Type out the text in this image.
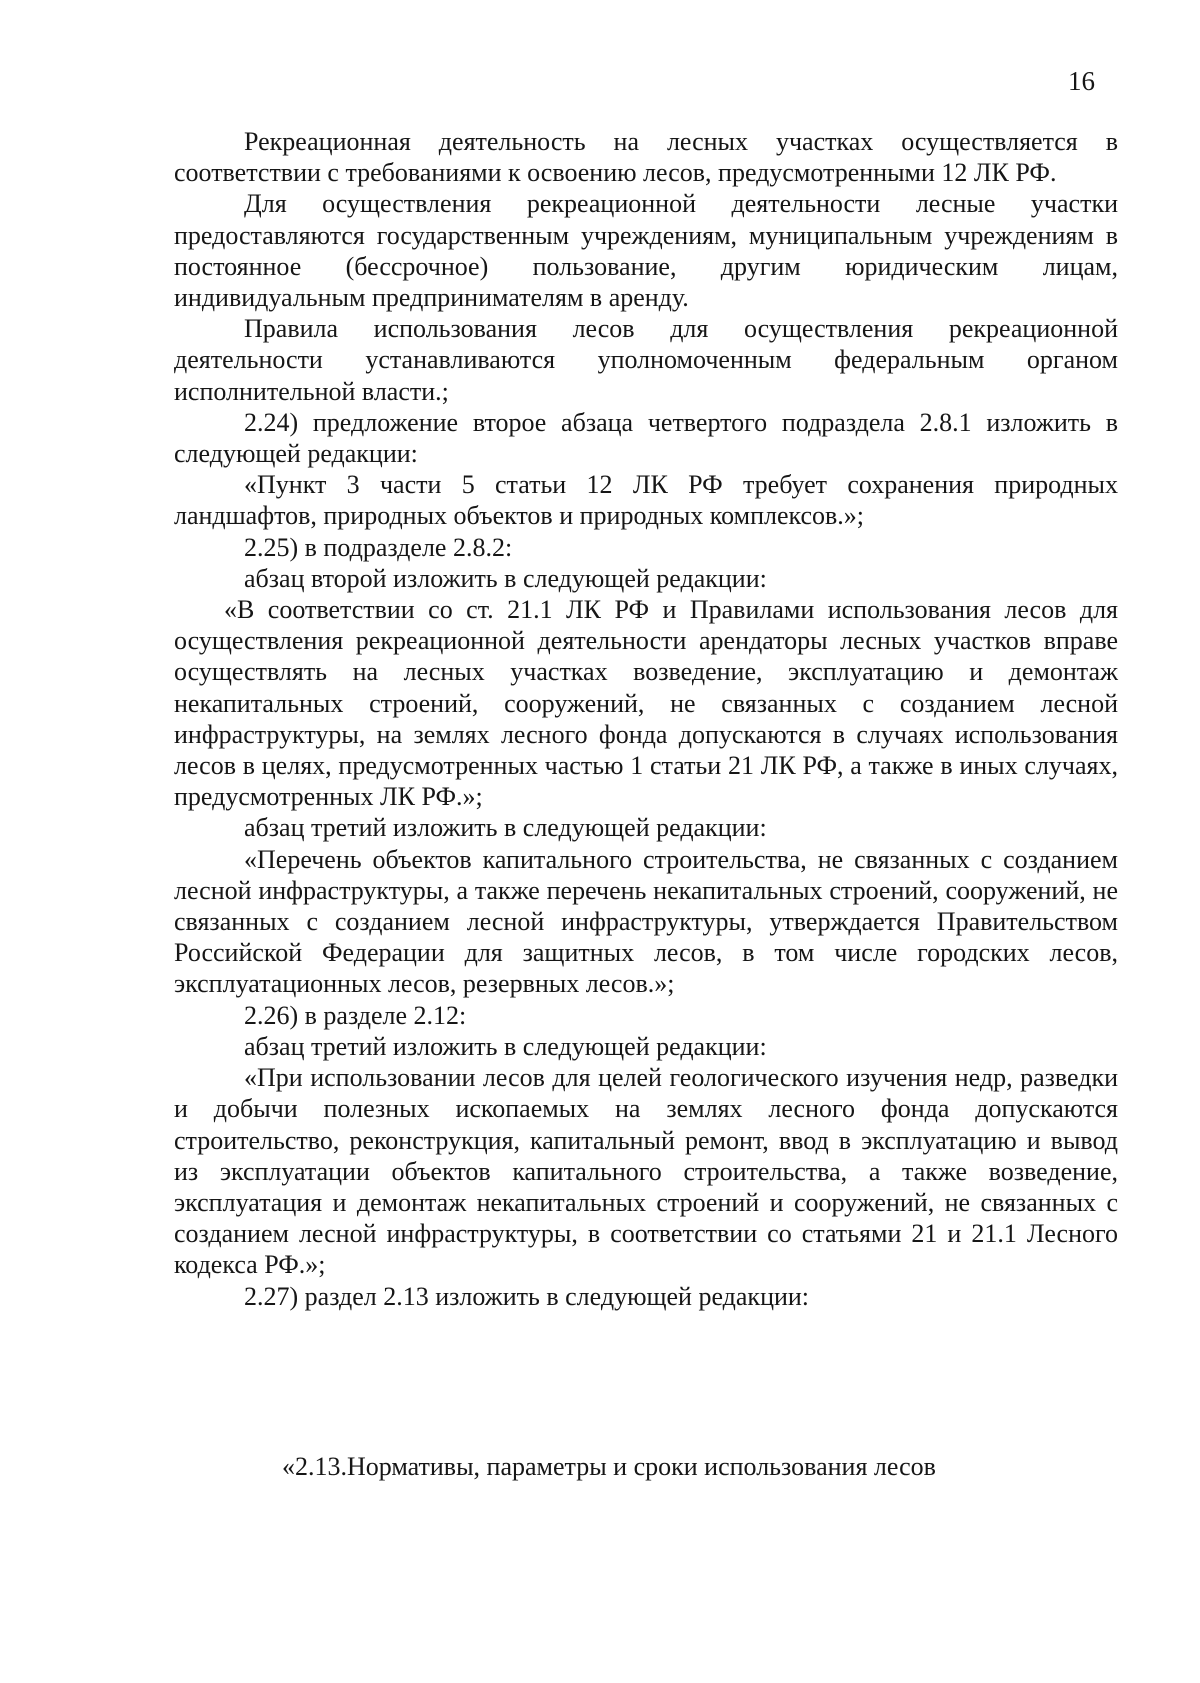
16

Рекреационная деятельность на лесных участках осуществляется в соответствии с требованиями к освоению лесов, предусмотренными 12 ЛК РФ.

Для осуществления рекреационной деятельности лесные участки предоставляются государственным учреждениям, муниципальным учреждениям в постоянное (бессрочное) пользование, другим юридическим лицам, индивидуальным предпринимателям в аренду.

Правила использования лесов для осуществления рекреационной деятельности устанавливаются уполномоченным федеральным органом исполнительной власти.;

2.24) предложение второе абзаца четвертого подраздела 2.8.1 изложить в следующей редакции:

«Пункт 3 части 5 статьи 12 ЛК РФ требует сохранения природных ландшафтов, природных объектов и природных комплексов.»;

2.25) в подразделе 2.8.2:

абзац второй изложить в следующей редакции:

«В соответствии со ст. 21.1 ЛК РФ и Правилами использования лесов для осуществления рекреационной деятельности арендаторы лесных участков вправе осуществлять на лесных участках возведение, эксплуатацию и демонтаж некапитальных строений, сооружений, не связанных с созданием лесной инфраструктуры, на землях лесного фонда допускаются в случаях использования лесов в целях, предусмотренных частью 1 статьи 21 ЛК РФ, а также в иных случаях, предусмотренных ЛК РФ.»;

абзац третий изложить в следующей редакции:

«Перечень объектов капитального строительства, не связанных с созданием лесной инфраструктуры, а также перечень некапитальных строений, сооружений, не связанных с созданием лесной инфраструктуры, утверждается Правительством Российской Федерации для защитных лесов, в том числе городских лесов, эксплуатационных лесов, резервных лесов.»;

2.26) в разделе 2.12:

абзац третий изложить в следующей редакции:

«При использовании лесов для целей геологического изучения недр, разведки и добычи полезных ископаемых на землях лесного фонда допускаются строительство, реконструкция, капитальный ремонт, ввод в эксплуатацию и вывод из эксплуатации объектов капитального строительства, а также возведение, эксплуатация и демонтаж некапитальных строений и сооружений, не связанных с созданием лесной инфраструктуры, в соответствии со статьями 21 и 21.1 Лесного кодекса РФ.»;

2.27) раздел 2.13 изложить в следующей редакции:

«2.13.Нормативы, параметры и сроки использования лесов
